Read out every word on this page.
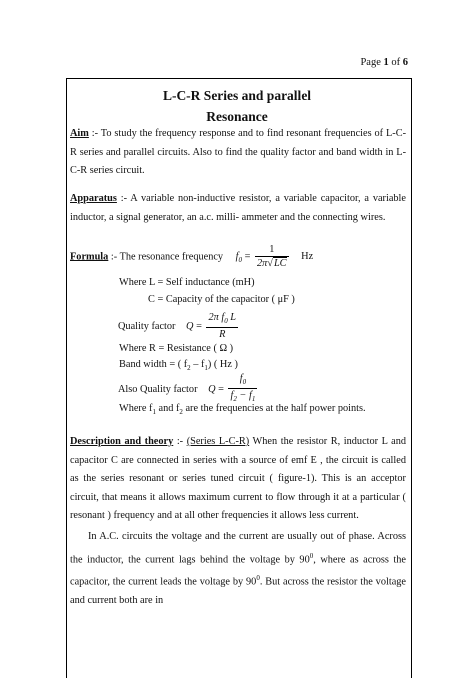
Page 1 of 6
L-C-R Series and parallel
Resonance
Aim :- To study the frequency response and to find resonant frequencies of L-C-R series and parallel circuits. Also to find the quality factor and band width in L-C-R series circuit.
Apparatus :- A variable non-inductive resistor, a variable capacitor, a variable inductor, a signal generator, an a.c. milli- ammeter and the connecting wires.
Formula :- The resonance frequency $f_0 = \frac{1}{2\pi√LC}$ Hz
Where L = Self inductance (mH)
C = Capacity of the capacitor ( μF )
Quality factor $Q = \frac{2\pi f_0 L}{R}$
Where R = Resistance ( Ω )
Band width = ( $f_2 - f_1$) ( Hz )
Also Quality factor $Q = \frac{f_0}{f_2 - f_1}$
Where $f_1$ and $f_2$ are the frequencies at the half power points.
Description and theory :- (Series L-C-R) When the resistor R, inductor L and capacitor C are connected in series with a source of emf E , the circuit is called as the series resonant or series tuned circuit ( figure-1). This is an acceptor circuit, that means it allows maximum current to flow through it at a particular ( resonant ) frequency and at all other frequencies it allows less current.
In A.C. circuits the voltage and the current are usually out of phase. Across the inductor, the current lags behind the voltage by $90^0$, where as across the capacitor, the current leads the voltage by $90^0$. But across the resistor the voltage and current both are in
